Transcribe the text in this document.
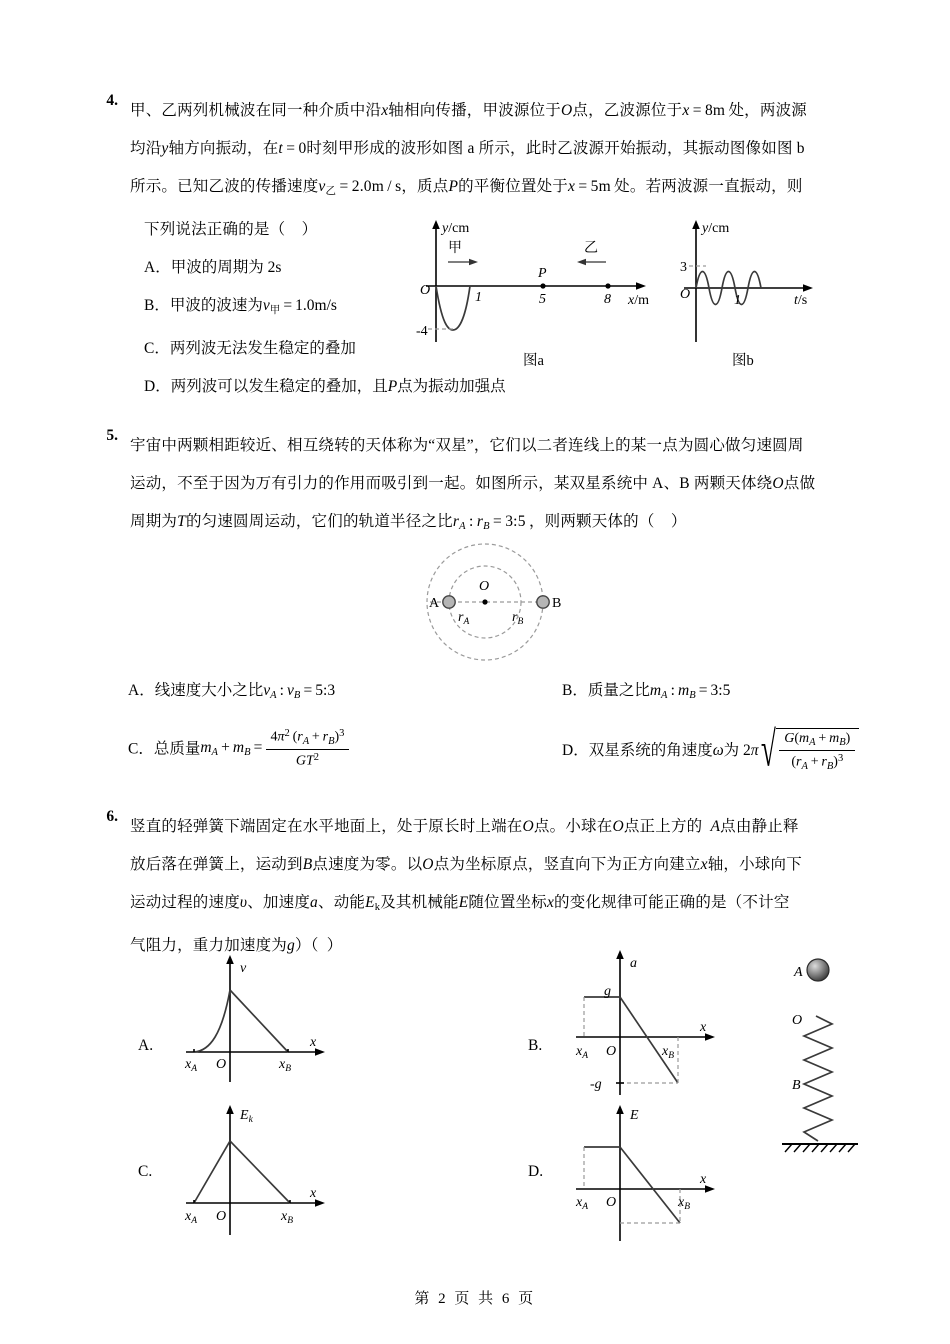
4.
甲、乙两列机械波在同一种介质中沿x轴相向传播，甲波源位于O点，乙波源位于x = 8m 处，两波源
均沿y轴方向振动，在t = 0时刻甲形成的波形如图 a 所示，此时乙波源开始振动，其振动图像如图 b
所示。已知乙波的传播速度$v_乙 = 2.0m / s$，质点P的平衡位置处于x = 5m 处。若两波源一直振动，则
下列说法正确的是（    ）
A．甲波的周期为 2s
B．甲波的波速为$v_甲 = 1.0m/s$
C．两列波无法发生稳定的叠加
D．两列波可以发生稳定的叠加，且P点为振动加强点
1	5	8
P
O
-4
甲	乙
y/cm
x/m
图a
3
O	1
y/cm
t/s
图b
5.
宇宙中两颗相距较近、相互绕转的天体称为“双星”，它们以二者连线上的某一点为圆心做匀速圆周
运动，不至于因为万有引力的作用而吸引到一起。如图所示，某双星系统中 A、B 两颗天体绕O点做
周期为T的匀速圆周运动，它们的轨道半径之比$r_A$ : $r_B$ = 3:5 ，则两颗天体的（    ）
A	B
O
$r_A$	$r_B$
A．线速度大小之比$v_A$ : $v_B$ = 5:3	B．质量之比$m_A$ : $m_B$ = 3:5
C．总质量$m_A + m_B = \frac{4\pi^2 (r_A + r_B)^3}{GT^2}$	D．双星系统的角速度ω为 $2\pi√ \frac{G(m_A + m_B)}{(r_A + r_B)^3}$
6.
竖直的轻弹簧下端固定在水平地面上，处于原长时上端在O点。小球在O点正上方的  A点由静止释
放后落在弹簧上，运动到B点速度为零。以O点为坐标原点，竖直向下为正方向建立x轴，小球向下
运动过程的速度υ、加速度a、动能$E_k$及其机械能E随位置坐标x的变化规律可能正确的是（不计空
气阻力，重力加速度为g）（  ）
A.
v
x
O
$x_A$	$x_B$
B.
a
x
g
-g
O
$x_A$	$x_B$
C.
$E_k$
x
O
$x_A$	$x_B$
D.
E
x
O
$x_A$	$x_B$
A
O
B
第 2 页 共 6 页
